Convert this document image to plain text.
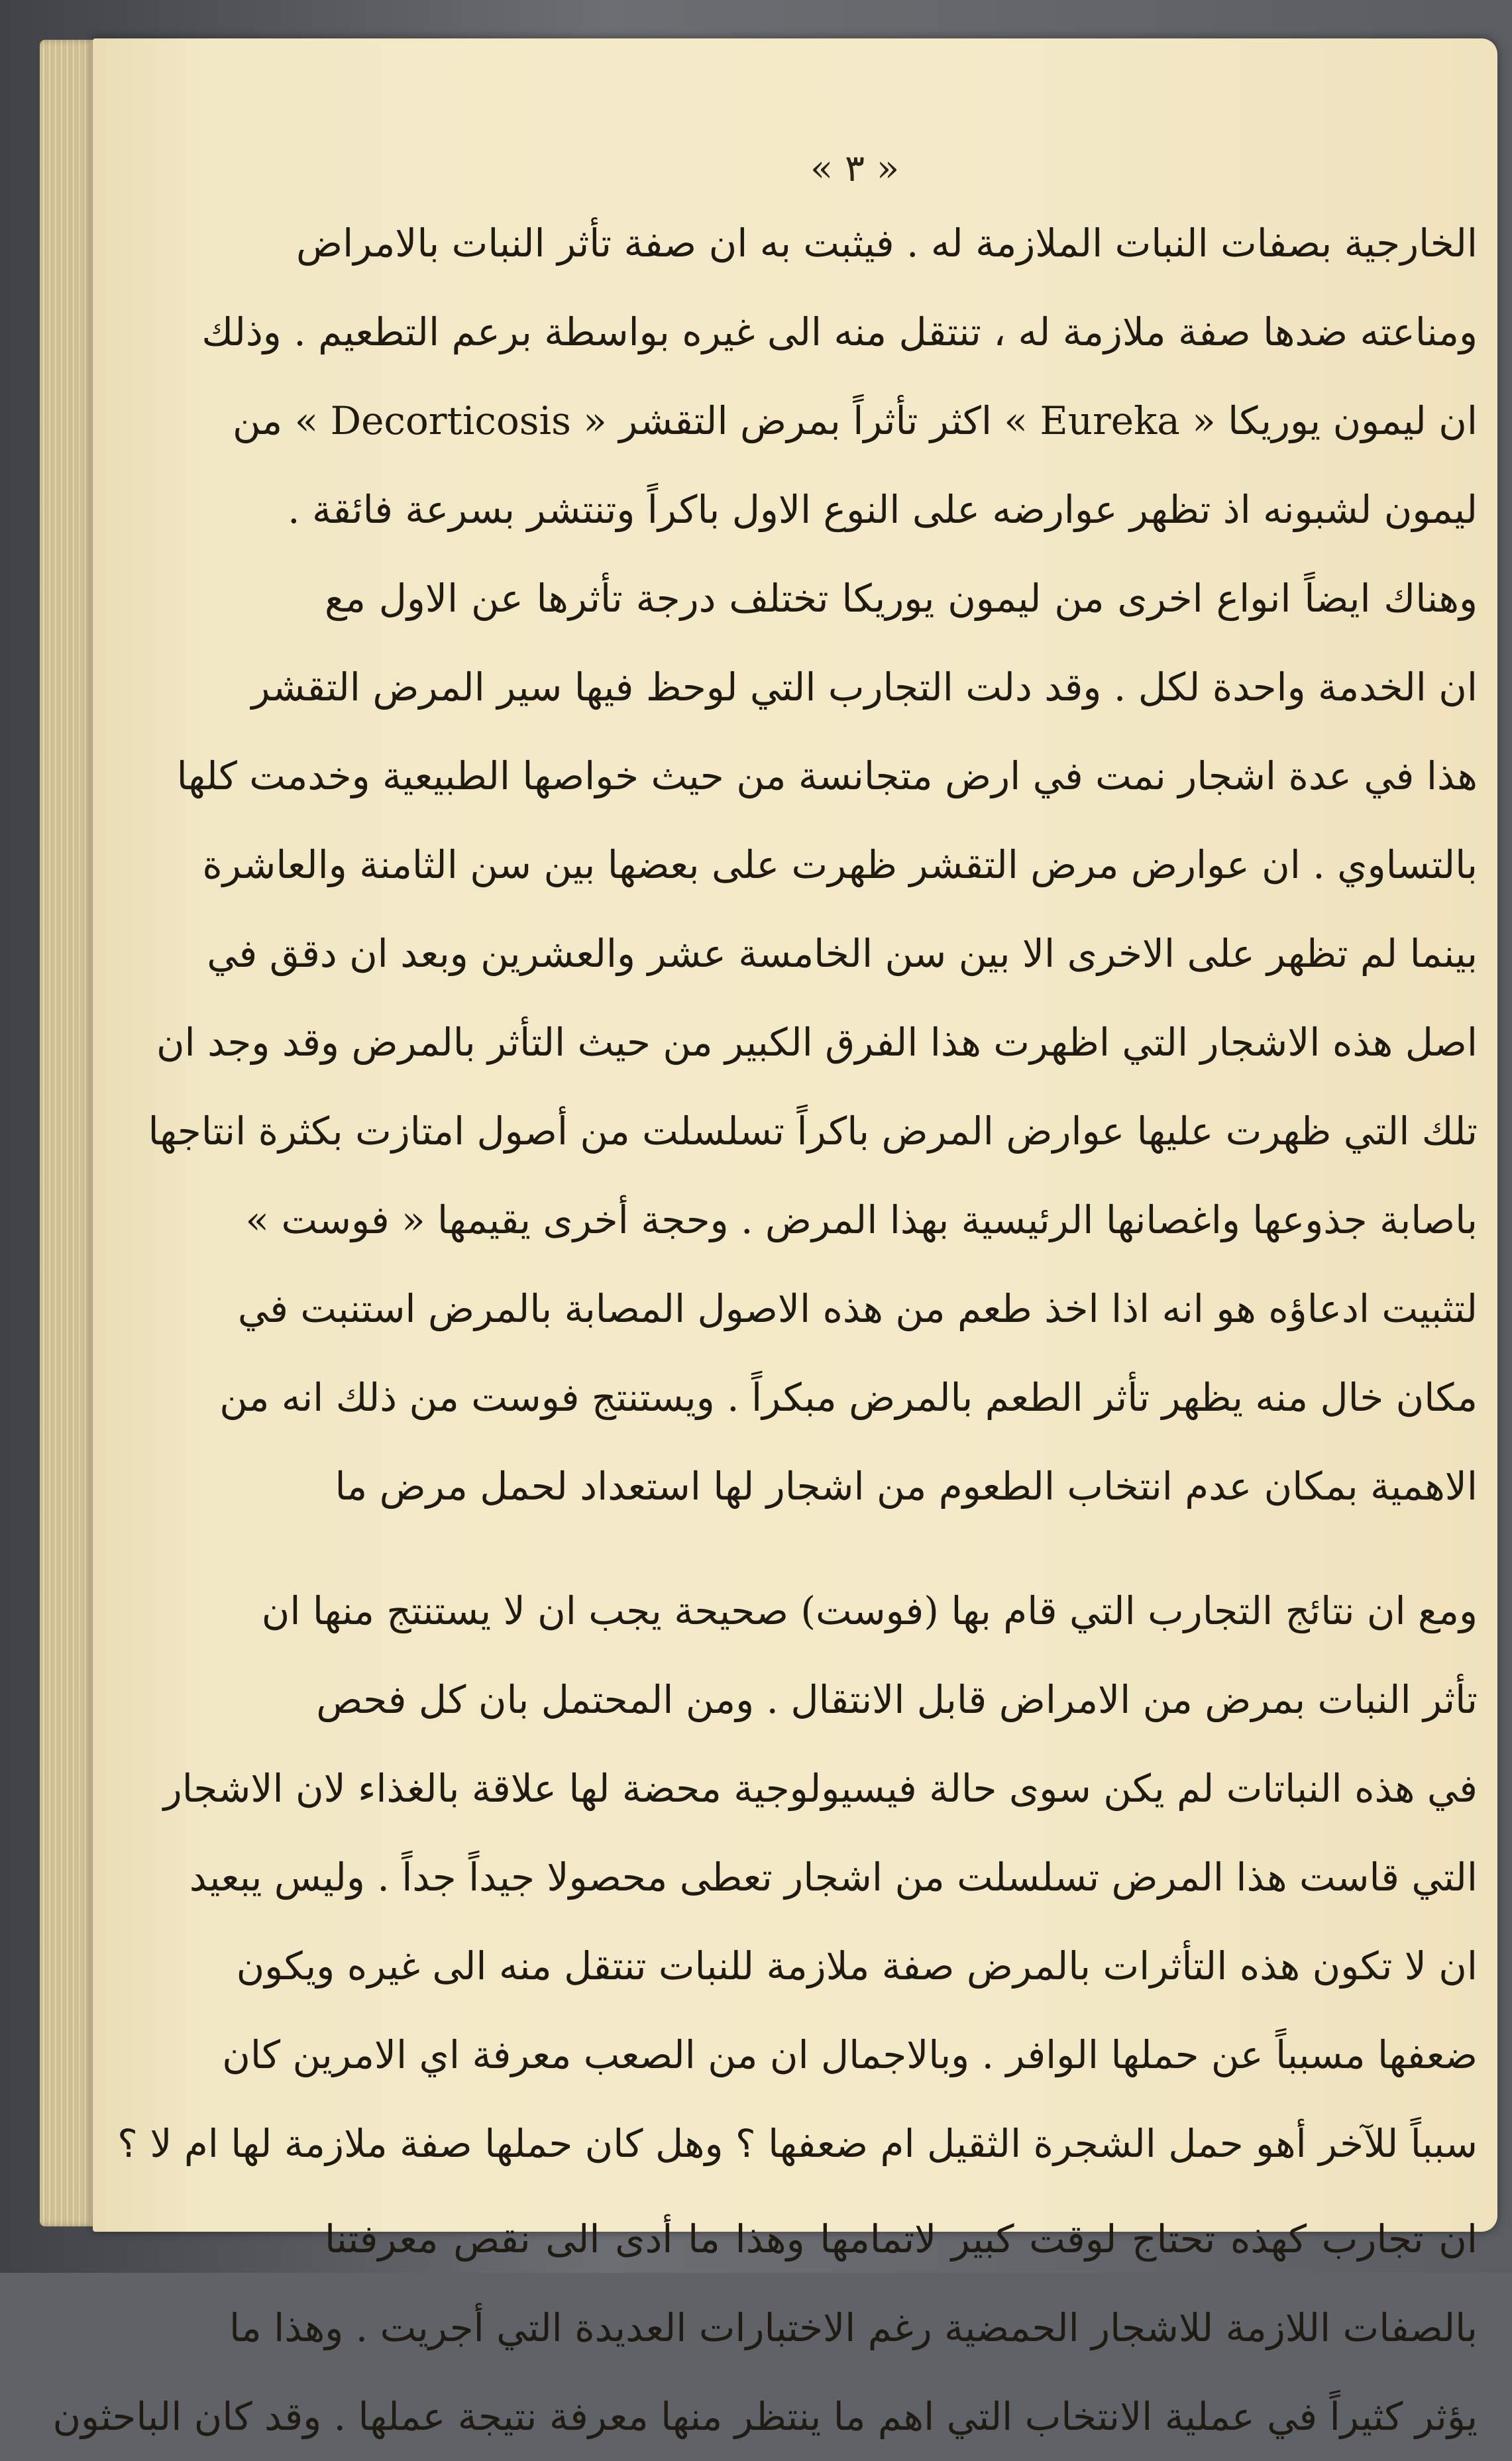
« ٣ »
الخارجية بصفات النبات الملازمة له . فيثبت به ان صفة تأثر النبات بالامراض
ومناعته ضدها صفة ملازمة له ، تنتقل منه الى غيره بواسطة برعم التطعيم . وذلك
ان ليمون يوريكا « Eureka » اكثر تأثراً بمرض التقشر « Decorticosis » من
ليمون لشبونه اذ تظهر عوارضه على النوع الاول باكراً وتنتشر بسرعة فائقة .
وهناك ايضاً انواع اخرى من ليمون يوريكا تختلف درجة تأثرها عن الاول مع
ان الخدمة واحدة لكل . وقد دلت التجارب التي لوحظ فيها سير المرض التقشر
هذا في عدة اشجار نمت في ارض متجانسة من حيث خواصها الطبيعية وخدمت كلها
بالتساوي . ان عوارض مرض التقشر ظهرت على بعضها بين سن الثامنة والعاشرة
بينما لم تظهر على الاخرى الا بين سن الخامسة عشر والعشرين وبعد ان دقق في
اصل هذه الاشجار التي اظهرت هذا الفرق الكبير من حيث التأثر بالمرض وقد وجد ان
تلك التي ظهرت عليها عوارض المرض باكراً تسلسلت من أصول امتازت بكثرة انتاجها
باصابة جذوعها واغصانها الرئيسية بهذا المرض . وحجة أخرى يقيمها « فوست »
لتثبيت ادعاؤه هو انه اذا اخذ طعم من هذه الاصول المصابة بالمرض استنبت في
مكان خال منه يظهر تأثر الطعم بالمرض مبكراً . ويستنتج فوست من ذلك انه من
الاهمية بمكان عدم انتخاب الطعوم من اشجار لها استعداد لحمل مرض ما
ومع ان نتائج التجارب التي قام بها (فوست) صحيحة يجب ان لا يستنتج منها ان
تأثر النبات بمرض من الامراض قابل الانتقال . ومن المحتمل بان كل فحص
في هذه النباتات لم يكن سوى حالة فيسيولوجية محضة لها علاقة بالغذاء لان الاشجار
التي قاست هذا المرض تسلسلت من اشجار تعطى محصولا جيداً جداً . وليس يبعيد
ان لا تكون هذه التأثرات بالمرض صفة ملازمة للنبات تنتقل منه الى غيره ويكون
ضعفها مسبباً عن حملها الوافر . وبالاجمال ان من الصعب معرفة اي الامرين كان
سبباً للآخر أهو حمل الشجرة الثقيل ام ضعفها ؟ وهل كان حملها صفة ملازمة لها ام لا ؟
ان تجارب كهذه تحتاج لوقت كبير لاتمامها وهذا ما أدى الى نقص معرفتنا
بالصفات اللازمة للاشجار الحمضية رغم الاختبارات العديدة التي أجريت . وهذا ما
يؤثر كثيراً في عملية الانتخاب التي اهم ما ينتظر منها معرفة نتيجة عملها . وقد كان الباحثون
